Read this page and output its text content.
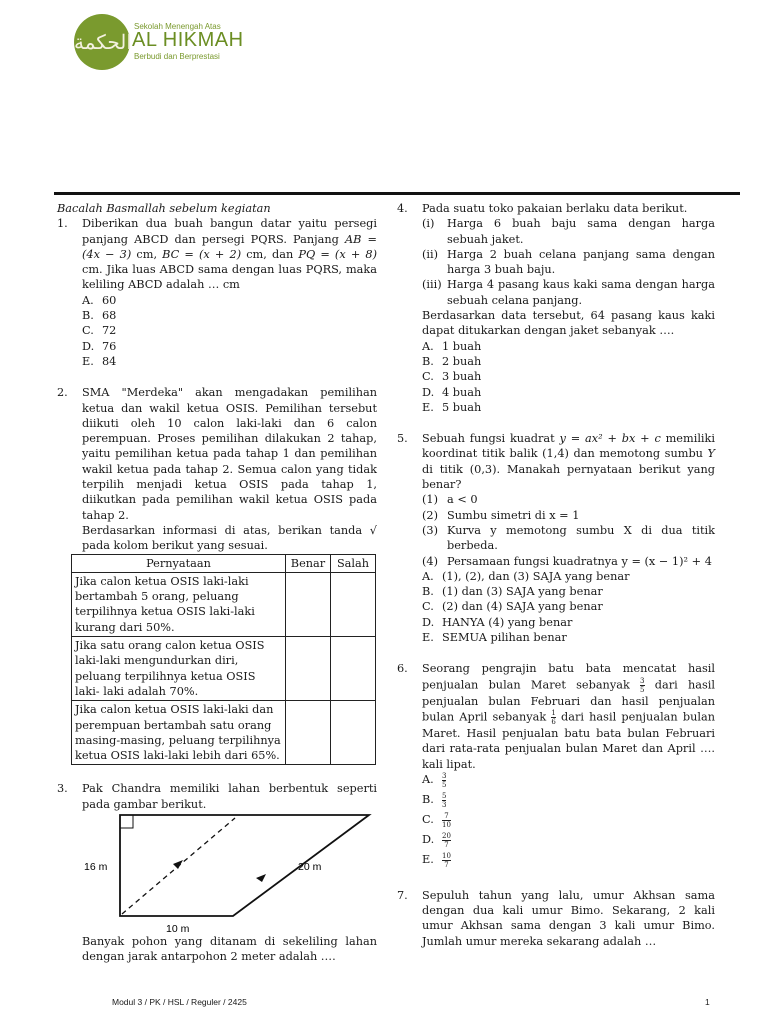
الحكمة
Sekolah Menengah Atas
AL HIKMAH
Berbudi dan Berprestasi
Bacalah Basmallah sebelum kegiatan
1. Diberikan dua buah bangun datar yaitu persegi panjang ABCD dan persegi PQRS. Panjang AB = (4x − 3) cm, BC = (x + 2) cm, dan PQ = (x + 8) cm. Jika luas ABCD sama dengan luas PQRS, maka keliling ABCD adalah … cm
A. 60
B. 68
C. 72
D. 76
E. 84
2. SMA "Merdeka" akan mengadakan pemilihan ketua dan wakil ketua OSIS. Pemilihan tersebut diikuti oleh 10 calon laki-laki dan 6 calon perempuan. Proses pemilihan dilakukan 2 tahap, yaitu pemilihan ketua pada tahap 1 dan pemilihan wakil ketua pada tahap 2. Semua calon yang tidak terpilih menjadi ketua OSIS pada tahap 1, diikutkan pada pemilihan wakil ketua OSIS pada tahap 2.
Berdasarkan informasi di atas, berikan tanda √ pada kolom berikut yang sesuai.
Pernyataan	Benar	Salah
Jika calon ketua OSIS laki-laki bertambah 5 orang, peluang terpilihnya ketua OSIS laki-laki kurang dari 50%.		
Jika satu orang calon ketua OSIS laki-laki mengundurkan diri, peluang terpilihnya ketua OSIS laki- laki adalah 70%.		
Jika calon ketua OSIS laki-laki dan perempuan bertambah satu orang masing-masing, peluang terpilihnya ketua OSIS laki-laki lebih dari 65%.		
3. Pak Chandra memiliki lahan berbentuk seperti pada gambar berikut.
16 m	20 m
10 m
Banyak pohon yang ditanam di sekeliling lahan dengan jarak antarpohon 2 meter adalah ….
4. Pada suatu toko pakaian berlaku data berikut.
(i) Harga 6 buah baju sama dengan harga sebuah jaket.
(ii) Harga 2 buah celana panjang sama dengan harga 3 buah baju.
(iii) Harga 4 pasang kaus kaki sama dengan harga sebuah celana panjang.
Berdasarkan data tersebut, 64 pasang kaus kaki dapat ditukarkan dengan jaket sebanyak ….
A. 1 buah
B. 2 buah
C. 3 buah
D. 4 buah
E. 5 buah
5. Sebuah fungsi kuadrat y = ax² + bx + c memiliki koordinat titik balik (1,4) dan memotong sumbu Y di titik (0,3). Manakah pernyataan berikut yang benar?
(1) a < 0
(2) Sumbu simetri di x = 1
(3) Kurva y memotong sumbu X di dua titik berbeda.
(4) Persamaan fungsi kuadratnya y = (x − 1)² + 4
A. (1), (2), dan (3) SAJA yang benar
B. (1) dan (3) SAJA yang benar
C. (2) dan (4) SAJA yang benar
D. HANYA (4) yang benar
E. SEMUA pilihan benar
6. Seorang pengrajin batu bata mencatat hasil penjualan bulan Maret sebanyak $\frac{3}{5}$ dari hasil penjualan bulan Februari dan hasil penjualan bulan April sebanyak $\frac{1}{6}$ dari hasil penjualan bulan Maret. Hasil penjualan batu bata bulan Februari dari rata-rata penjualan bulan Maret dan April …. kali lipat.
A. $\frac{3}{5}$
B. $\frac{5}{3}$
C. $\frac{7}{10}$
D. $\frac{20}{7}$
E. $\frac{10}{7}$
7. Sepuluh tahun yang lalu, umur Akhsan sama dengan dua kali umur Bimo. Sekarang, 2 kali umur Akhsan sama dengan 3 kali umur Bimo. Jumlah umur mereka sekarang adalah …
Modul 3 / PK / HSL / Reguler / 2425	1
